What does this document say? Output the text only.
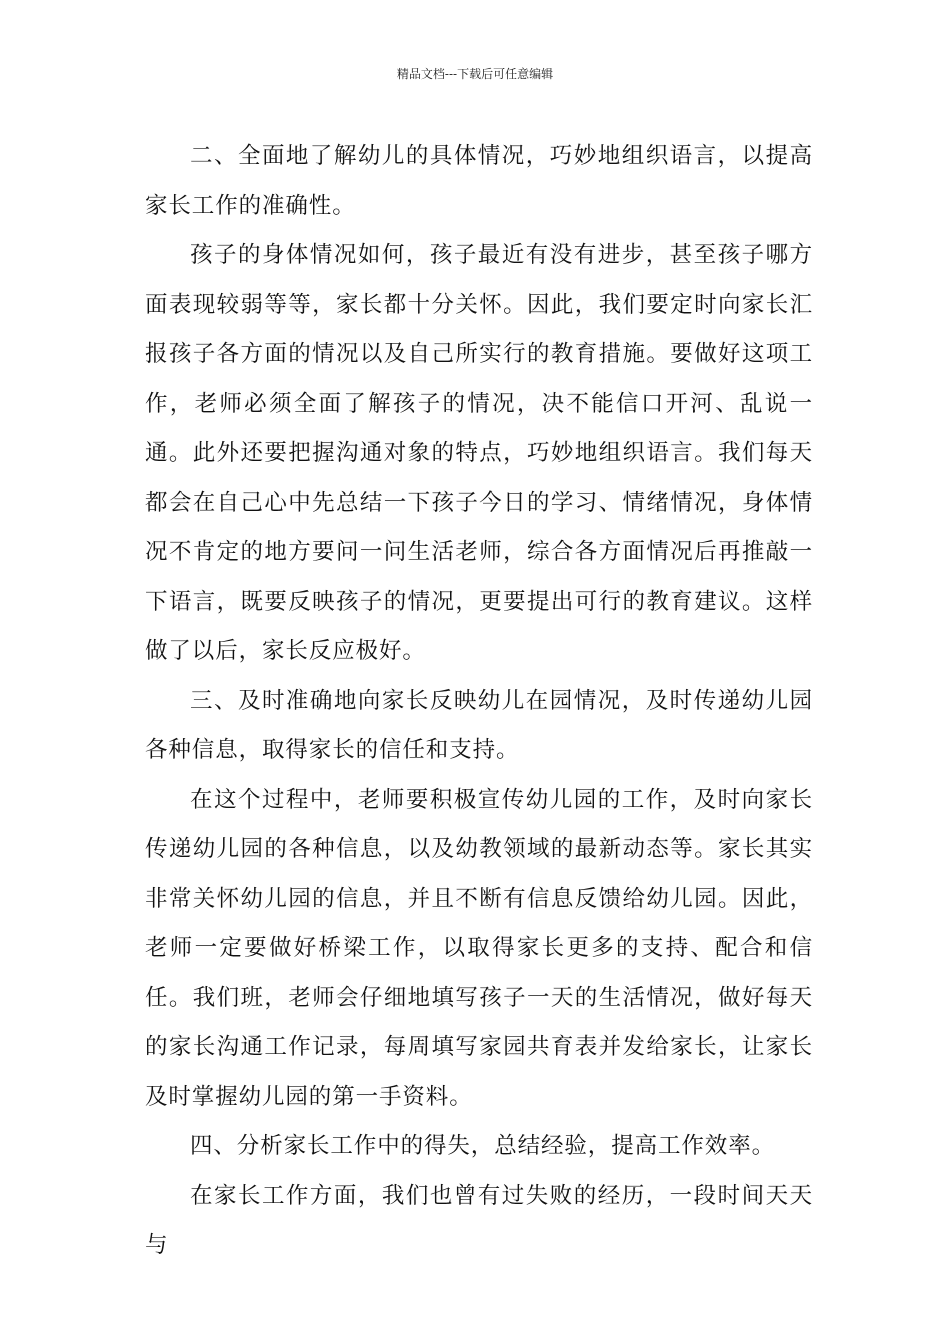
精品文档---下载后可任意编辑

二、全面地了解幼儿的具体情况，巧妙地组织语言，以提高家长工作的准确性。

孩子的身体情况如何，孩子最近有没有进步，甚至孩子哪方面表现较弱等等，家长都十分关怀。因此，我们要定时向家长汇报孩子各方面的情况以及自己所实行的教育措施。要做好这项工作，老师必须全面了解孩子的情况，决不能信口开河、乱说一通。此外还要把握沟通对象的特点，巧妙地组织语言。我们每天都会在自己心中先总结一下孩子今日的学习、情绪情况，身体情况不肯定的地方要问一问生活老师，综合各方面情况后再推敲一下语言，既要反映孩子的情况，更要提出可行的教育建议。这样做了以后，家长反应极好。

三、及时准确地向家长反映幼儿在园情况，及时传递幼儿园各种信息，取得家长的信任和支持。

在这个过程中，老师要积极宣传幼儿园的工作，及时向家长传递幼儿园的各种信息，以及幼教领域的最新动态等。家长其实非常关怀幼儿园的信息，并且不断有信息反馈给幼儿园。因此，老师一定要做好桥梁工作，以取得家长更多的支持、配合和信任。我们班，老师会仔细地填写孩子一天的生活情况，做好每天的家长沟通工作记录，每周填写家园共育表并发给家长，让家长及时掌握幼儿园的第一手资料。

四、分析家长工作中的得失，总结经验，提高工作效率。

在家长工作方面，我们也曾有过失败的经历，一段时间天天与
